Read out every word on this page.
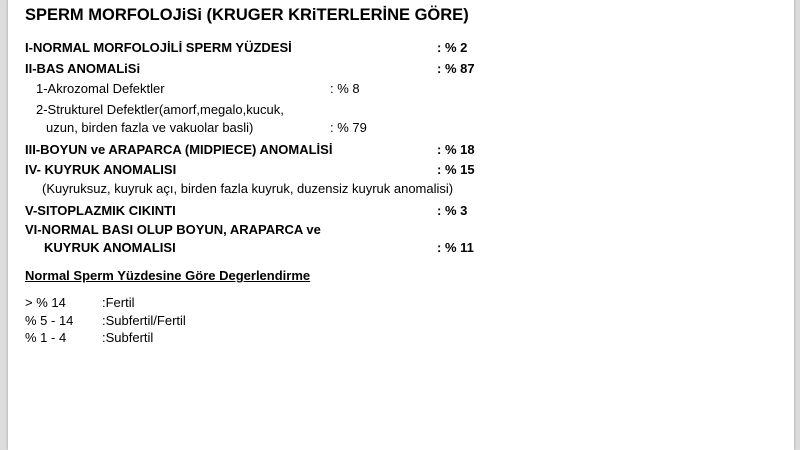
SPERM MORFOLOJiSi (KRUGER KRiTERLERİNE GÖRE)
I-NORMAL MORFOLOJİLİ SPERM YÜZDESİ	: % 2
II-BAS ANOMALiSi	: % 87
1-Akrozomal Defektler	: % 8
2-Strukturel Defektler(amorf,megalo,kucuk,
uzun, birden fazla ve vakuolar basli)	: % 79
III-BOYUN ve ARAPARCA (MIDPIECE) ANOMALİSİ	: % 18
IV- KUYRUK ANOMALISI	: % 15
(Kuyruksuz, kuyruk açı, birden fazla kuyruk, duzensiz kuyruk anomalisi)
V-SITOPLAZMIK CIKINTI	: % 3
VI-NORMAL BASI OLUP BOYUN, ARAPARCA ve
KUYRUK ANOMALISI	: % 11
Normal Sperm Yüzdesine Göre Degerlendirme
> % 14	:Fertil
% 5 - 14 :Subfertil/Fertil
% 1 - 4	:Subfertil
